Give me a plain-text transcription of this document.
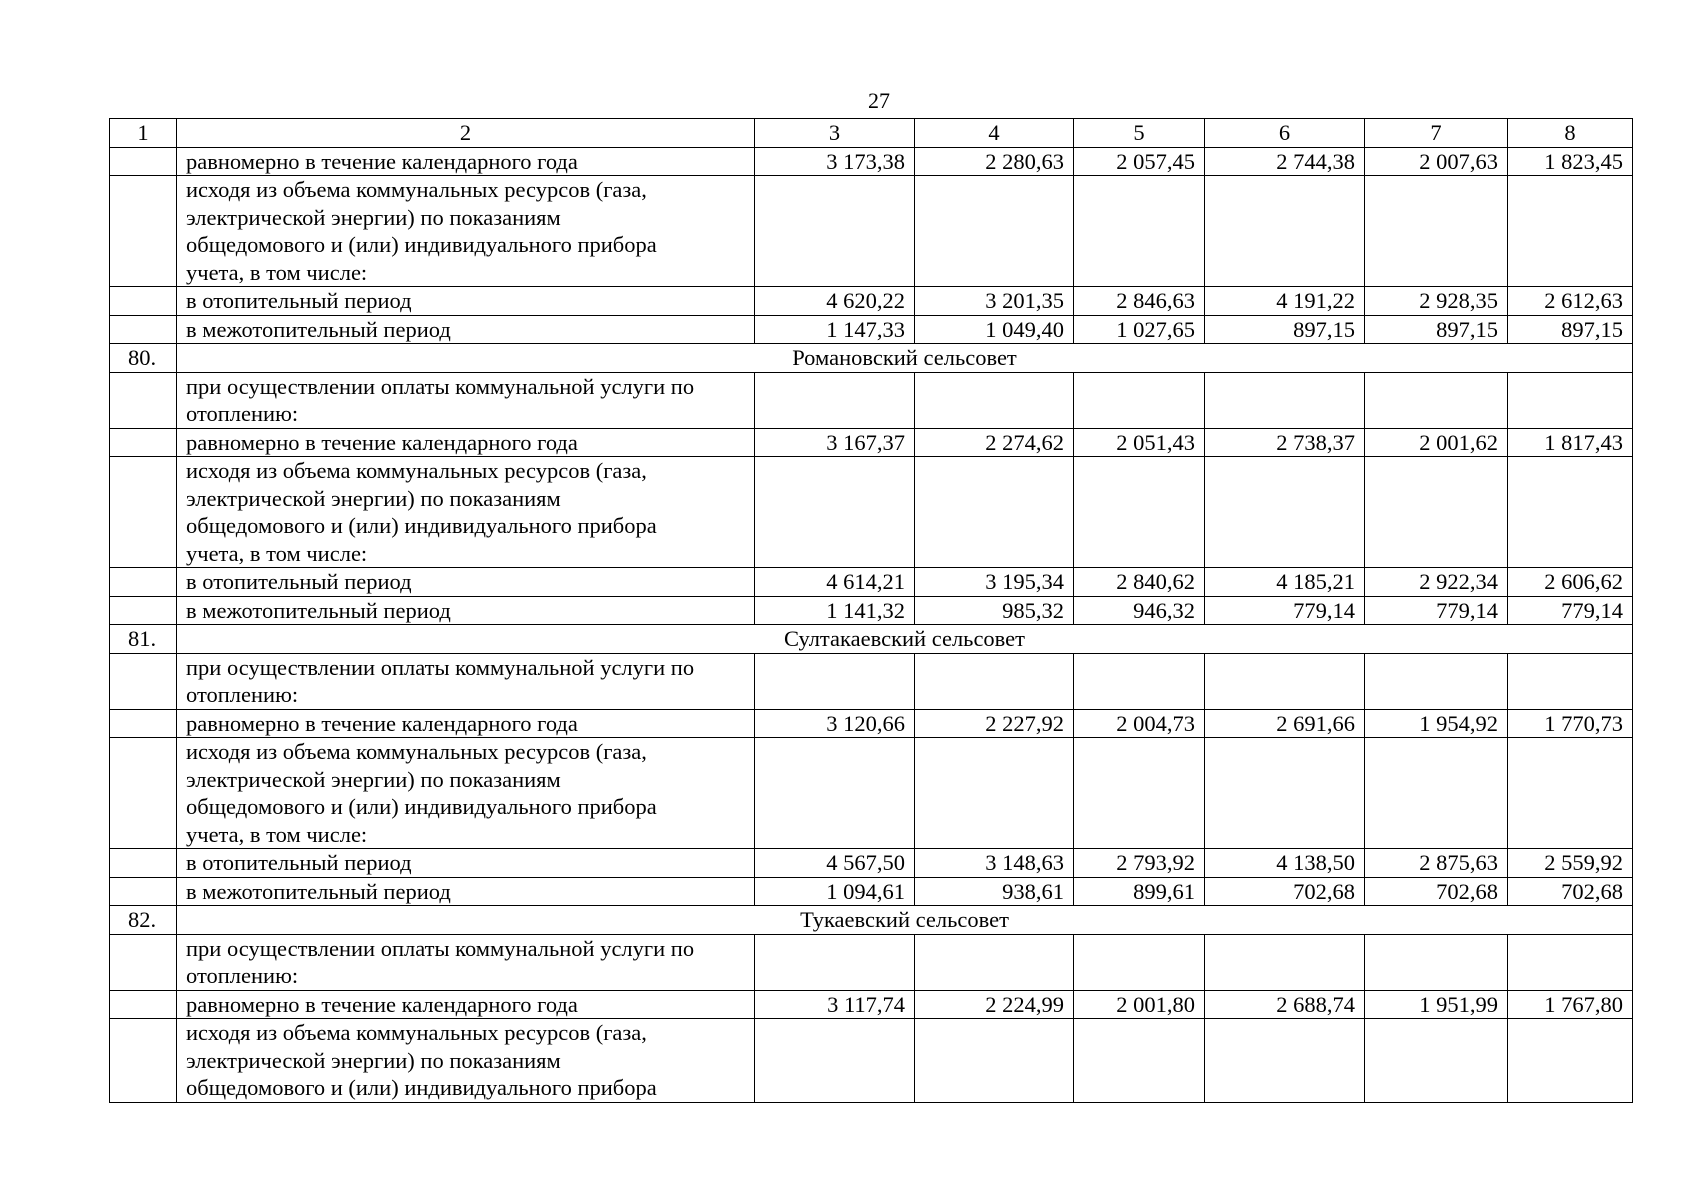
27
1	2	3	4	5	6	7	8
	равномерно в течение календарного года	3 173,38	2 280,63	2 057,45	2 744,38	2 007,63	1 823,45
	исходя из объема коммунальных ресурсов (газа,
электрической энергии) по показаниям
общедомового и (или) индивидуального прибора
учета, в том числе:						
	в отопительный период	4 620,22	3 201,35	2 846,63	4 191,22	2 928,35	2 612,63
	в межотопительный период	1 147,33	1 049,40	1 027,65	897,15	897,15	897,15
80.	Романовский сельсовет						
	при осуществлении оплаты коммунальной услуги по
отоплению:						
	равномерно в течение календарного года	3 167,37	2 274,62	2 051,43	2 738,37	2 001,62	1 817,43
	исходя из объема коммунальных ресурсов (газа,
электрической энергии) по показаниям
общедомового и (или) индивидуального прибора
учета, в том числе:						
	в отопительный период	4 614,21	3 195,34	2 840,62	4 185,21	2 922,34	2 606,62
	в межотопительный период	1 141,32	985,32	946,32	779,14	779,14	779,14
81.	Султакаевский сельсовет						
	при осуществлении оплаты коммунальной услуги по
отоплению:						
	равномерно в течение календарного года	3 120,66	2 227,92	2 004,73	2 691,66	1 954,92	1 770,73
	исходя из объема коммунальных ресурсов (газа,
электрической энергии) по показаниям
общедомового и (или) индивидуального прибора
учета, в том числе:						
	в отопительный период	4 567,50	3 148,63	2 793,92	4 138,50	2 875,63	2 559,92
	в межотопительный период	1 094,61	938,61	899,61	702,68	702,68	702,68
82.	Тукаевский сельсовет						
	при осуществлении оплаты коммунальной услуги по
отоплению:						
	равномерно в течение календарного года	3 117,74	2 224,99	2 001,80	2 688,74	1 951,99	1 767,80
	исходя из объема коммунальных ресурсов (газа,
электрической энергии) по показаниям
общедомового и (или) индивидуального прибора						
